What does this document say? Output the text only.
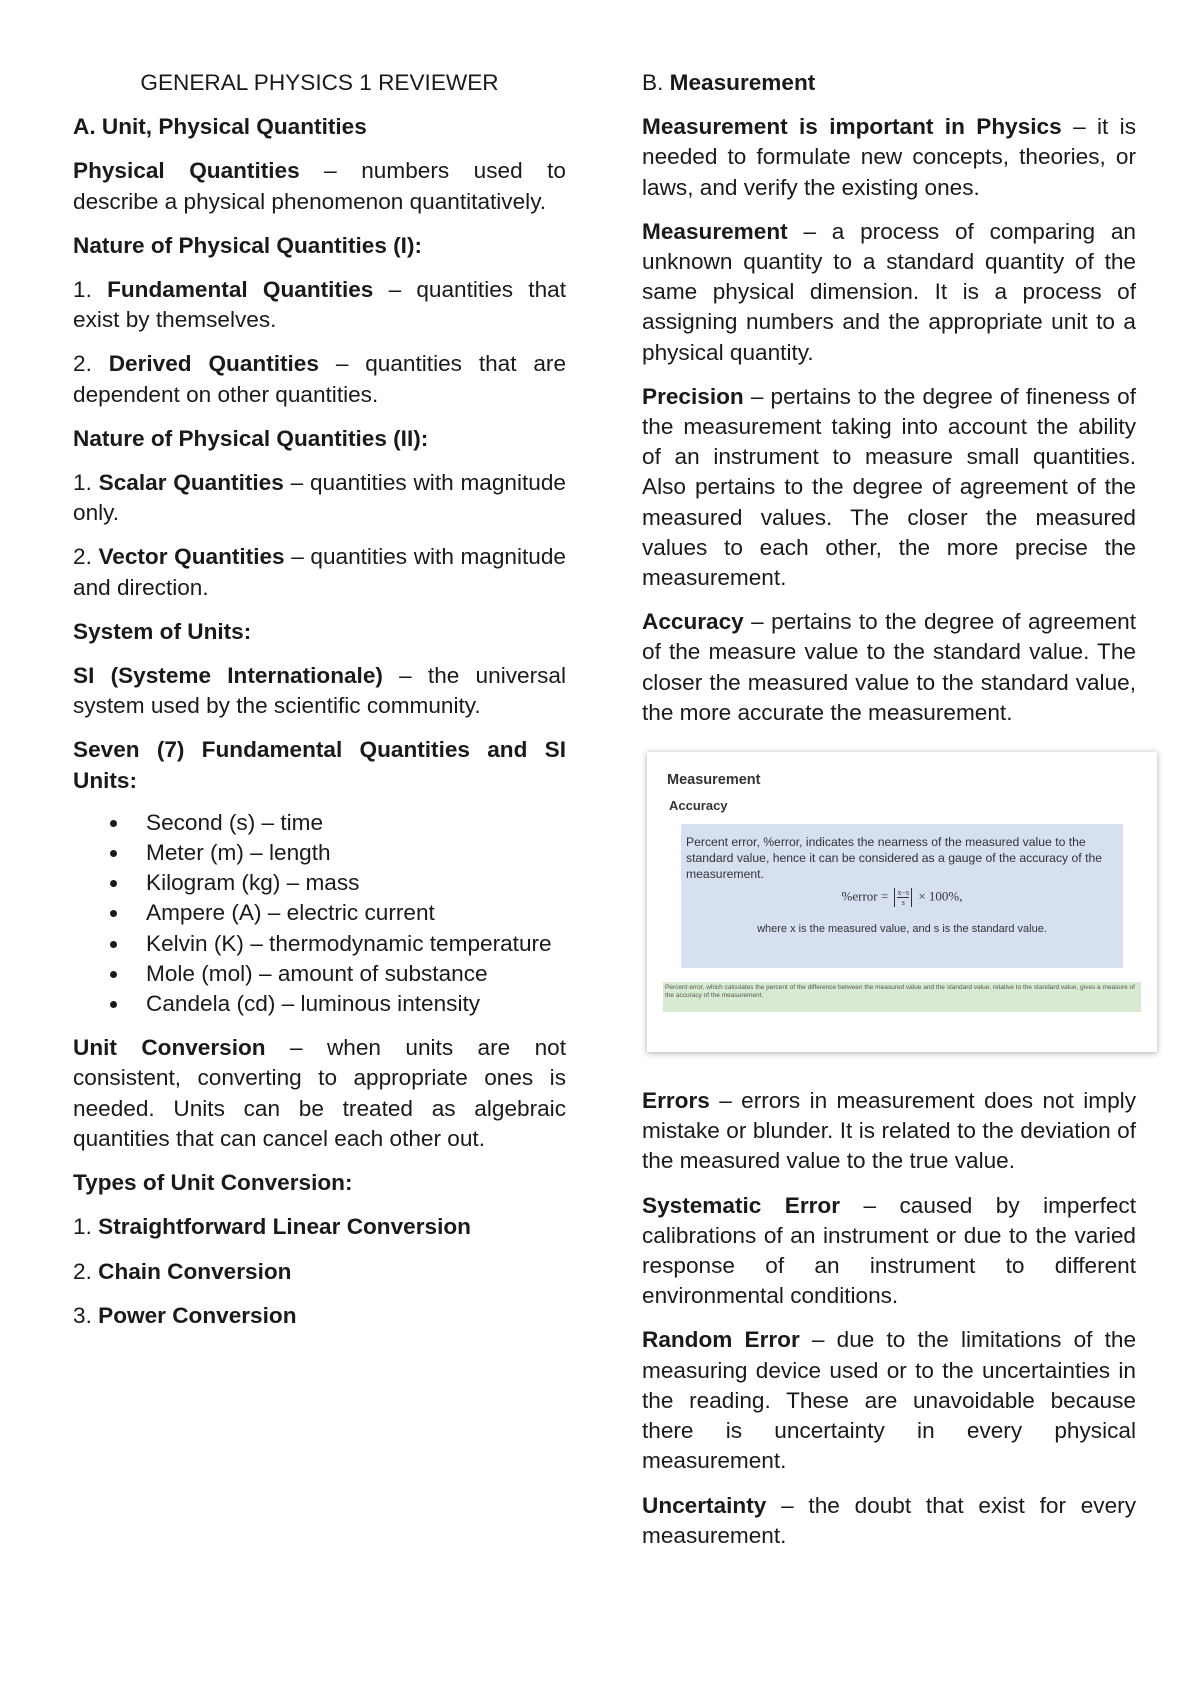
GENERAL PHYSICS 1 REVIEWER

A. Unit, Physical Quantities

Physical Quantities – numbers used to describe a physical phenomenon quantitatively.

Nature of Physical Quantities (I):

1. Fundamental Quantities – quantities that exist by themselves.

2. Derived Quantities – quantities that are dependent on other quantities.

Nature of Physical Quantities (II):

1. Scalar Quantities – quantities with magnitude only.

2. Vector Quantities – quantities with magnitude and direction.

System of Units:

SI (Systeme Internationale) – the universal system used by the scientific community.

Seven (7) Fundamental Quantities and SI Units:

Second (s) – time
Meter (m) – length
Kilogram (kg) – mass
Ampere (A) – electric current
Kelvin (K) – thermodynamic temperature
Mole (mol) – amount of substance
Candela (cd) – luminous intensity

Unit Conversion – when units are not consistent, converting to appropriate ones is needed. Units can be treated as algebraic quantities that can cancel each other out.

Types of Unit Conversion:

1. Straightforward Linear Conversion

2. Chain Conversion

3. Power Conversion

B. Measurement

Measurement is important in Physics – it is needed to formulate new concepts, theories, or laws, and verify the existing ones.

Measurement – a process of comparing an unknown quantity to a standard quantity of the same physical dimension. It is a process of assigning numbers and the appropriate unit to a physical quantity.

Precision – pertains to the degree of fineness of the measurement taking into account the ability of an instrument to measure small quantities. Also pertains to the degree of agreement of the measured values. The closer the measured values to each other, the more precise the measurement.

Accuracy – pertains to the degree of agreement of the measure value to the standard value. The closer the measured value to the standard value, the more accurate the measurement.

Measurement
Accuracy
Percent error, %error, indicates the nearness of the measured value to the standard value, hence it can be considered as a gauge of the accuracy of the measurement.
%error = $\frac{x-s}{s} \times 100\%$,
where x is the measured value, and s is the standard value.
Percent error, which calculates the percent of the difference between the measured value and the standard value, relative to the standard value, gives a measure of the accuracy of the measurement.

Errors – errors in measurement does not imply mistake or blunder. It is related to the deviation of the measured value to the true value.

Systematic Error – caused by imperfect calibrations of an instrument or due to the varied response of an instrument to different environmental conditions.

Random Error – due to the limitations of the measuring device used or to the uncertainties in the reading. These are unavoidable because there is uncertainty in every physical measurement.

Uncertainty – the doubt that exist for every measurement.
